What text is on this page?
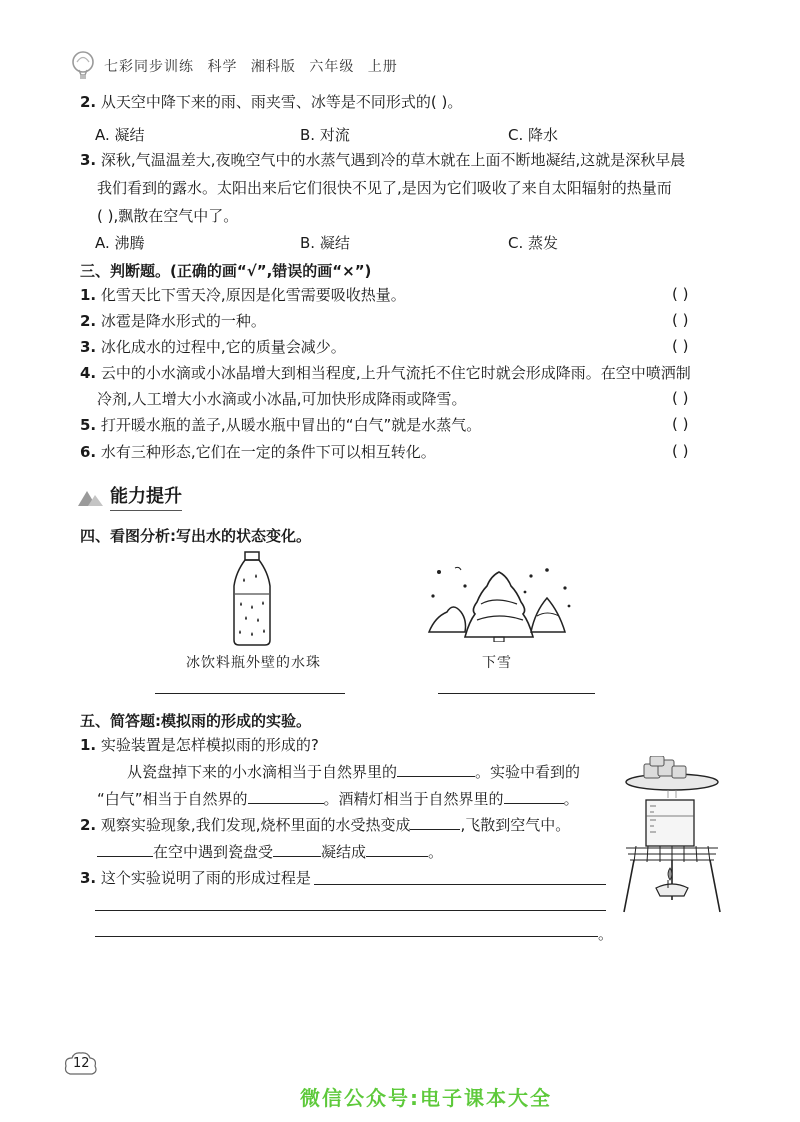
七彩同步训练 科学 湘科版 六年级 上册
2. 从天空中降下来的雨、雨夹雪、冰等是不同形式的( )。
A. 凝结	B. 对流	C. 降水
3. 深秋,气温温差大,夜晚空气中的水蒸气遇到冷的草木就在上面不断地凝结,这就是深秋早晨
我们看到的露水。太阳出来后它们很快不见了,是因为它们吸收了来自太阳辐射的热量而
( ),飘散在空气中了。
A. 沸腾	B. 凝结	C. 蒸发
三、判断题。(正确的画“√”,错误的画“×”)
1. 化雪天比下雪天冷,原因是化雪需要吸收热量。	( )
2. 冰雹是降水形式的一种。	( )
3. 冰化成水的过程中,它的质量会减少。	( )
4. 云中的小水滴或小冰晶增大到相当程度,上升气流托不住它时就会形成降雨。在空中喷洒制
冷剂,人工增大小水滴或小冰晶,可加快形成降雨或降雪。	( )
5. 打开暖水瓶的盖子,从暖水瓶中冒出的“白气”就是水蒸气。	( )
6. 水有三种形态,它们在一定的条件下可以相互转化。	( )
能力提升
四、看图分析:写出水的状态变化。
冰饮料瓶外壁的水珠	下雪
五、简答题:模拟雨的形成的实验。
1. 实验装置是怎样模拟雨的形成的?
从瓷盘掉下来的小水滴相当于自然界里的	。实验中看到的
“白气”相当于自然界的	。酒精灯相当于自然界里的	。
2. 观察实验现象,我们发现,烧杯里面的水受热变成	,飞散到空气中。
在空中遇到瓷盘受	凝结成	。
3. 这个实验说明了雨的形成过程是
。
12
微信公众号:电子课本大全
